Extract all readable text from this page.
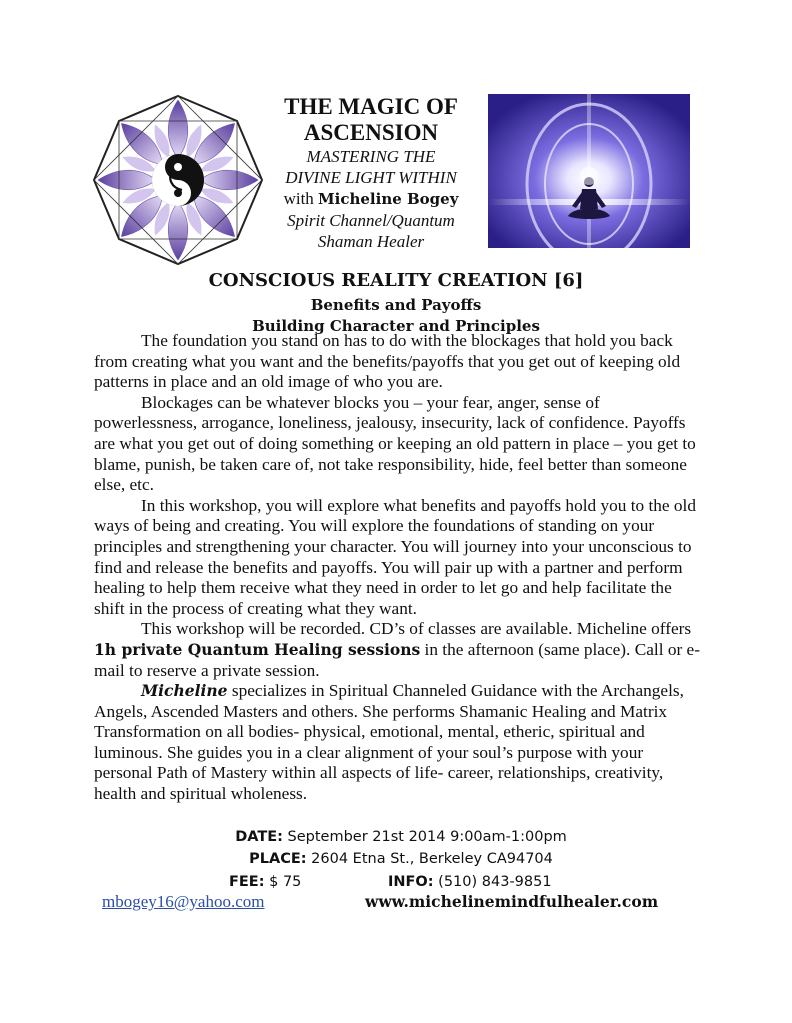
THE MAGIC OF
ASCENSION
MASTERING THE
DIVINE LIGHT WITHIN
with Micheline Bogey
Spirit Channel/Quantum
Shaman Healer
CONSCIOUS REALITY CREATION [6]
Benefits and Payoffs
Building Character and Principles

The foundation you stand on has to do with the blockages that hold you back from creating what you want and the benefits/payoffs that you get out of keeping old patterns in place and an old image of who you are.

Blockages can be whatever blocks you – your fear, anger, sense of powerlessness, arrogance, loneliness, jealousy, insecurity, lack of confidence. Payoffs are what you get out of doing something or keeping an old pattern in place – you get to blame, punish, be taken care of, not take responsibility, hide, feel better than someone else, etc.

In this workshop, you will explore what benefits and payoffs hold you to the old ways of being and creating. You will explore the foundations of standing on your principles and strengthening your character. You will journey into your unconscious to find and release the benefits and payoffs. You will pair up with a partner and perform healing to help them receive what they need in order to let go and help facilitate the shift in the process of creating what they want.

This workshop will be recorded. CD’s of classes are available. Micheline offers 1h private Quantum Healing sessions in the afternoon (same place). Call or e-mail to reserve a private session.

Micheline specializes in Spiritual Channeled Guidance with the Archangels, Angels, Ascended Masters and others. She performs Shamanic Healing and Matrix Transformation on all bodies- physical, emotional, mental, etheric, spiritual and luminous. She guides you in a clear alignment of your soul’s purpose with your personal Path of Mastery within all aspects of life- career, relationships, creativity, health and spiritual wholeness.

DATE: September 21st 2014 9:00am-1:00pm
PLACE: 2604 Etna St., Berkeley CA94704
FEE: $ 75	INFO: (510) 843-9851
mbogey16@yahoo.com	www.michelinemindfulhealer.com
